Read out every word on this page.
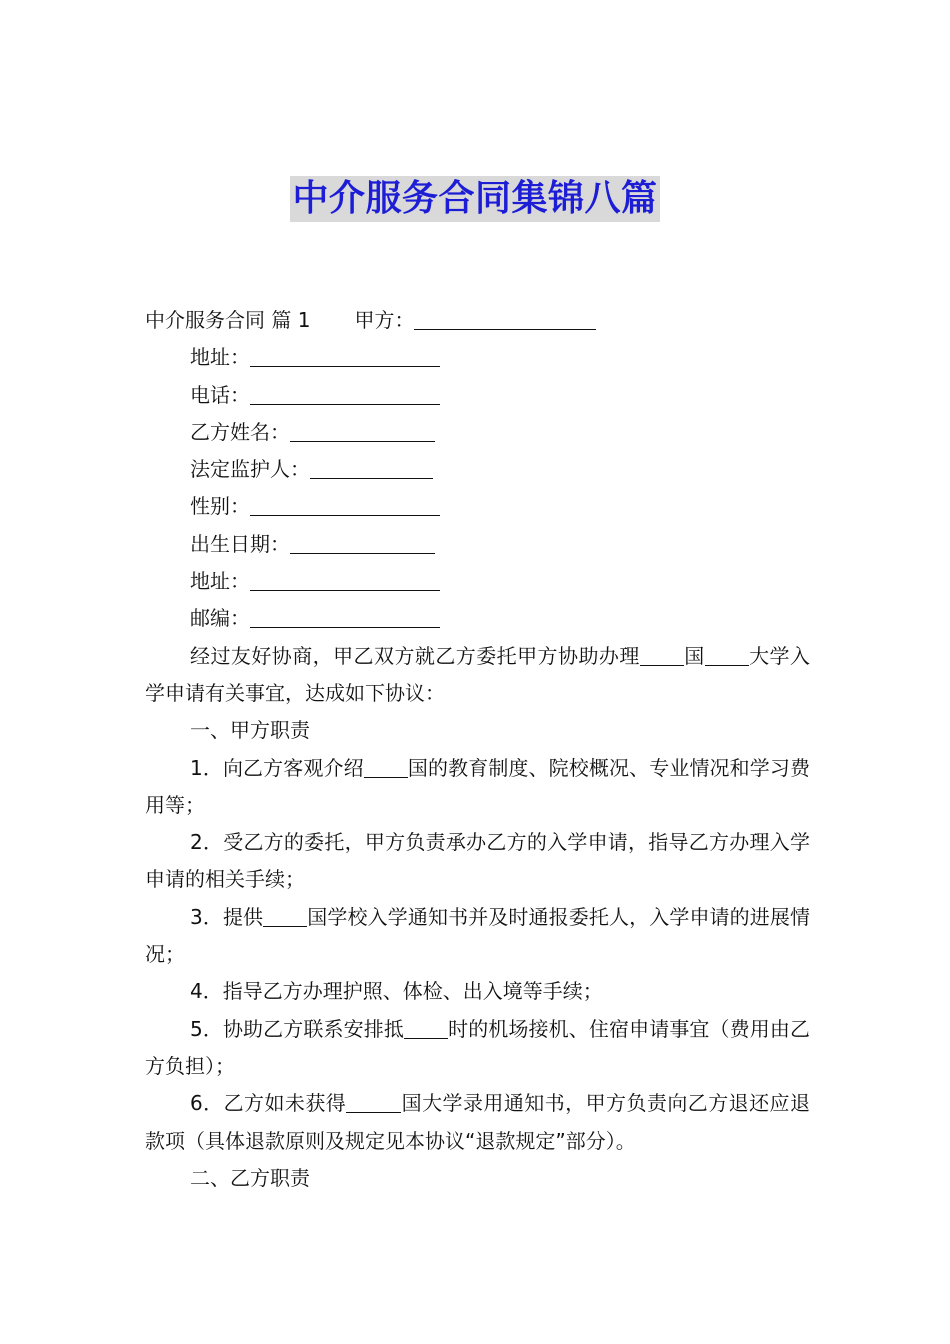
中介服务合同集锦八篇
中介服务合同 篇 1 甲方：
地址：
电话：
乙方姓名：
法定监护人：
性别：
出生日期：
地址：
邮编：
经过友好协商，甲乙双方就乙方委托甲方协助办理 国 大学入学申请有关事宜，达成如下协议：
一、甲方职责
1．向乙方客观介绍 国的教育制度、院校概况、专业情况和学习费用等；
2．受乙方的委托，甲方负责承办乙方的入学申请，指导乙方办理入学申请的相关手续；
3．提供 国学校入学通知书并及时通报委托人，入学申请的进展情况；
4．指导乙方办理护照、体检、出入境等手续；
5．协助乙方联系安排抵 时的机场接机、住宿申请事宜（费用由乙方负担）；
6．乙方如未获得	国大学录用通知书，甲方负责向乙方退还应退款项（具体退款原则及规定见本协议“退款规定”部分）。
二、乙方职责
